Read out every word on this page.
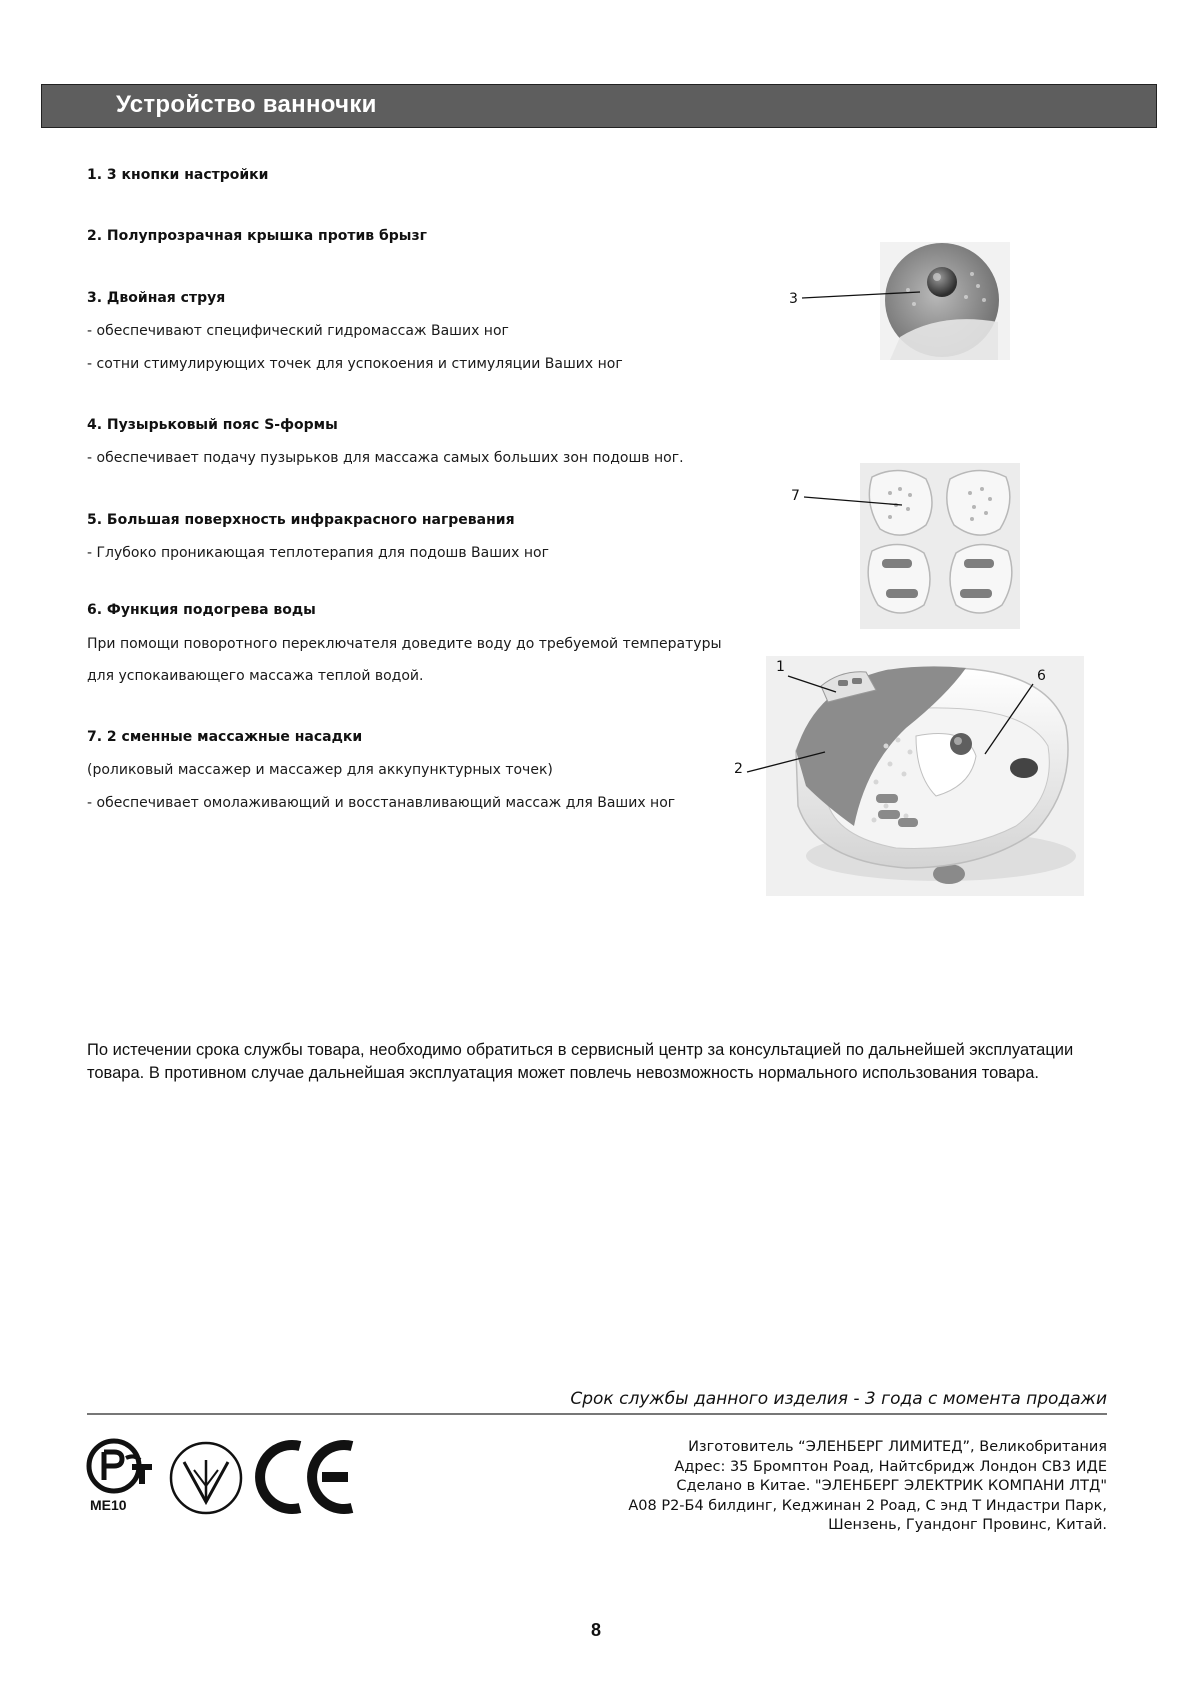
Устройство ванночки
1. 3 кнопки настройки
2. Полупрозрачная крышка против брызг
3. Двойная струя
- обеспечивают специфический гидромассаж Ваших ног
- сотни стимулирующих точек для успокоения и стимуляции Ваших ног
4. Пузырьковый пояс S-формы
- обеспечивает подачу пузырьков для массажа самых больших зон подошв ног.
5. Большая поверхность инфракрасного нагревания
- Глубоко проникающая теплотерапия для подошв Ваших ног
6. Функция подогрева воды
При помощи поворотного переключателя доведите воду до требуемой температуры
для успокаивающего массажа теплой водой.
7. 2 сменные массажные насадки
(роликовый массажер и массажер для аккупунктурных точек)
- обеспечивает омолаживающий и восстанавливающий массаж для Ваших ног
3
7
1
6
2
По истечении срока службы товара, необходимо обратиться в сервисный центр за консультацией по дальнейшей эксплуатации товара. В противном случае дальнейшая эксплуатация может повлечь невозможность нормального использования товара.
Срок службы данного изделия - 3 года с момента продажи
ME10
Изготовитель “ЭЛЕНБЕРГ ЛИМИТЕД”, Великобритания
Адрес: 35 Бромптон Роад, Найтсбридж Лондон СВ3 ИДЕ
Сделано в Китае. "ЭЛЕНБЕРГ ЭЛЕКТРИК КОМПАНИ ЛТД"
А08 Р2-Б4 билдинг, Кеджинан 2 Роад, С энд Т Индастри Парк,
Шензень, Гуандонг Провинс, Китай.
8
